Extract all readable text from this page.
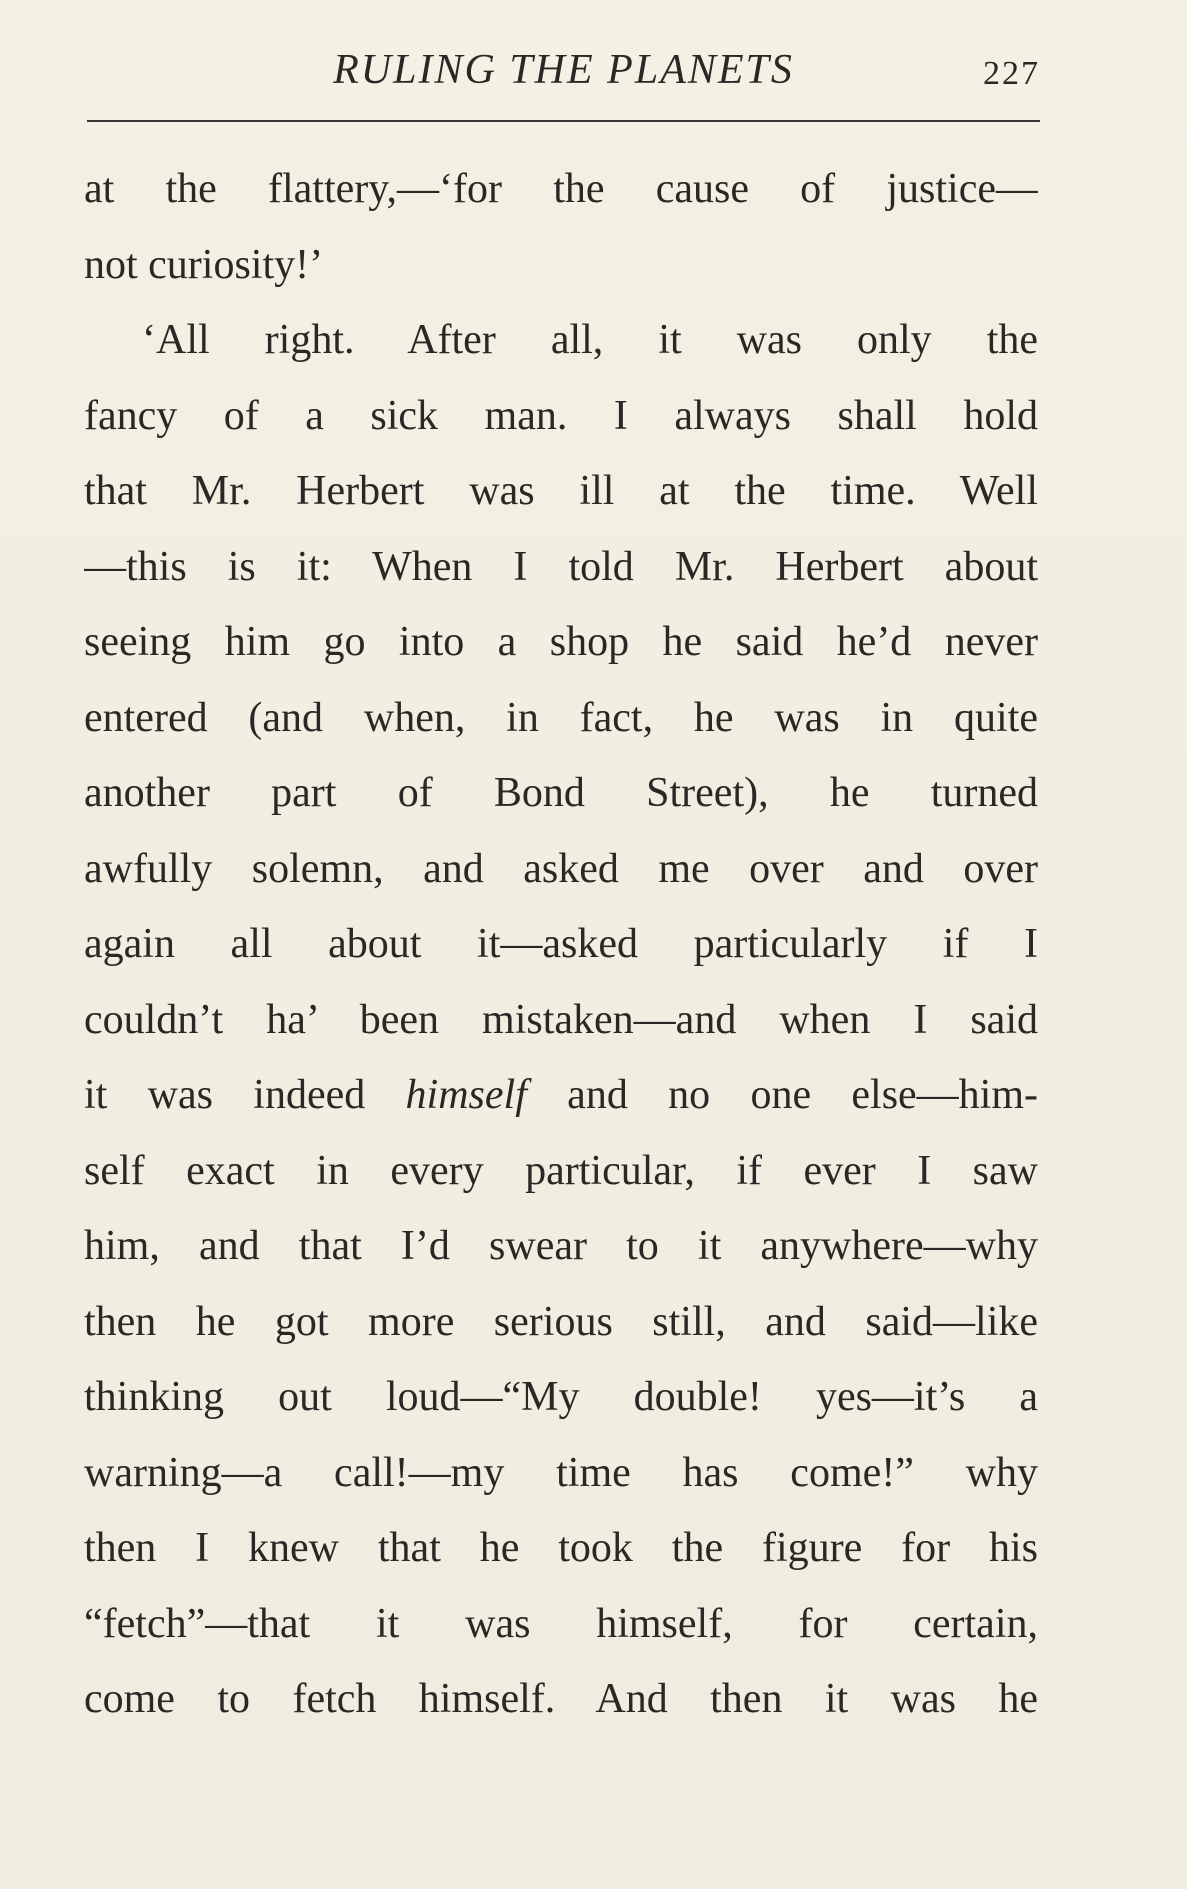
RULING THE PLANETS	227
at the flattery,—‘for the cause of justice—
not curiosity!’
‘All right. After all, it was only the
fancy of a sick man. I always shall hold
that Mr. Herbert was ill at the time. Well
—this is it: When I told Mr. Herbert about
seeing him go into a shop he said he’d never
entered (and when, in fact, he was in quite
another part of Bond Street), he turned
awfully solemn, and asked me over and over
again all about it—asked particularly if I
couldn’t ha’ been mistaken—and when I said
it was indeed himself and no one else—him-
self exact in every particular, if ever I saw
him, and that I’d swear to it anywhere—why
then he got more serious still, and said—like
thinking out loud—“My double! yes—it’s a
warning—a call!—my time has come!” why
then I knew that he took the figure for his
“fetch”—that it was himself, for certain,
come to fetch himself. And then it was he
